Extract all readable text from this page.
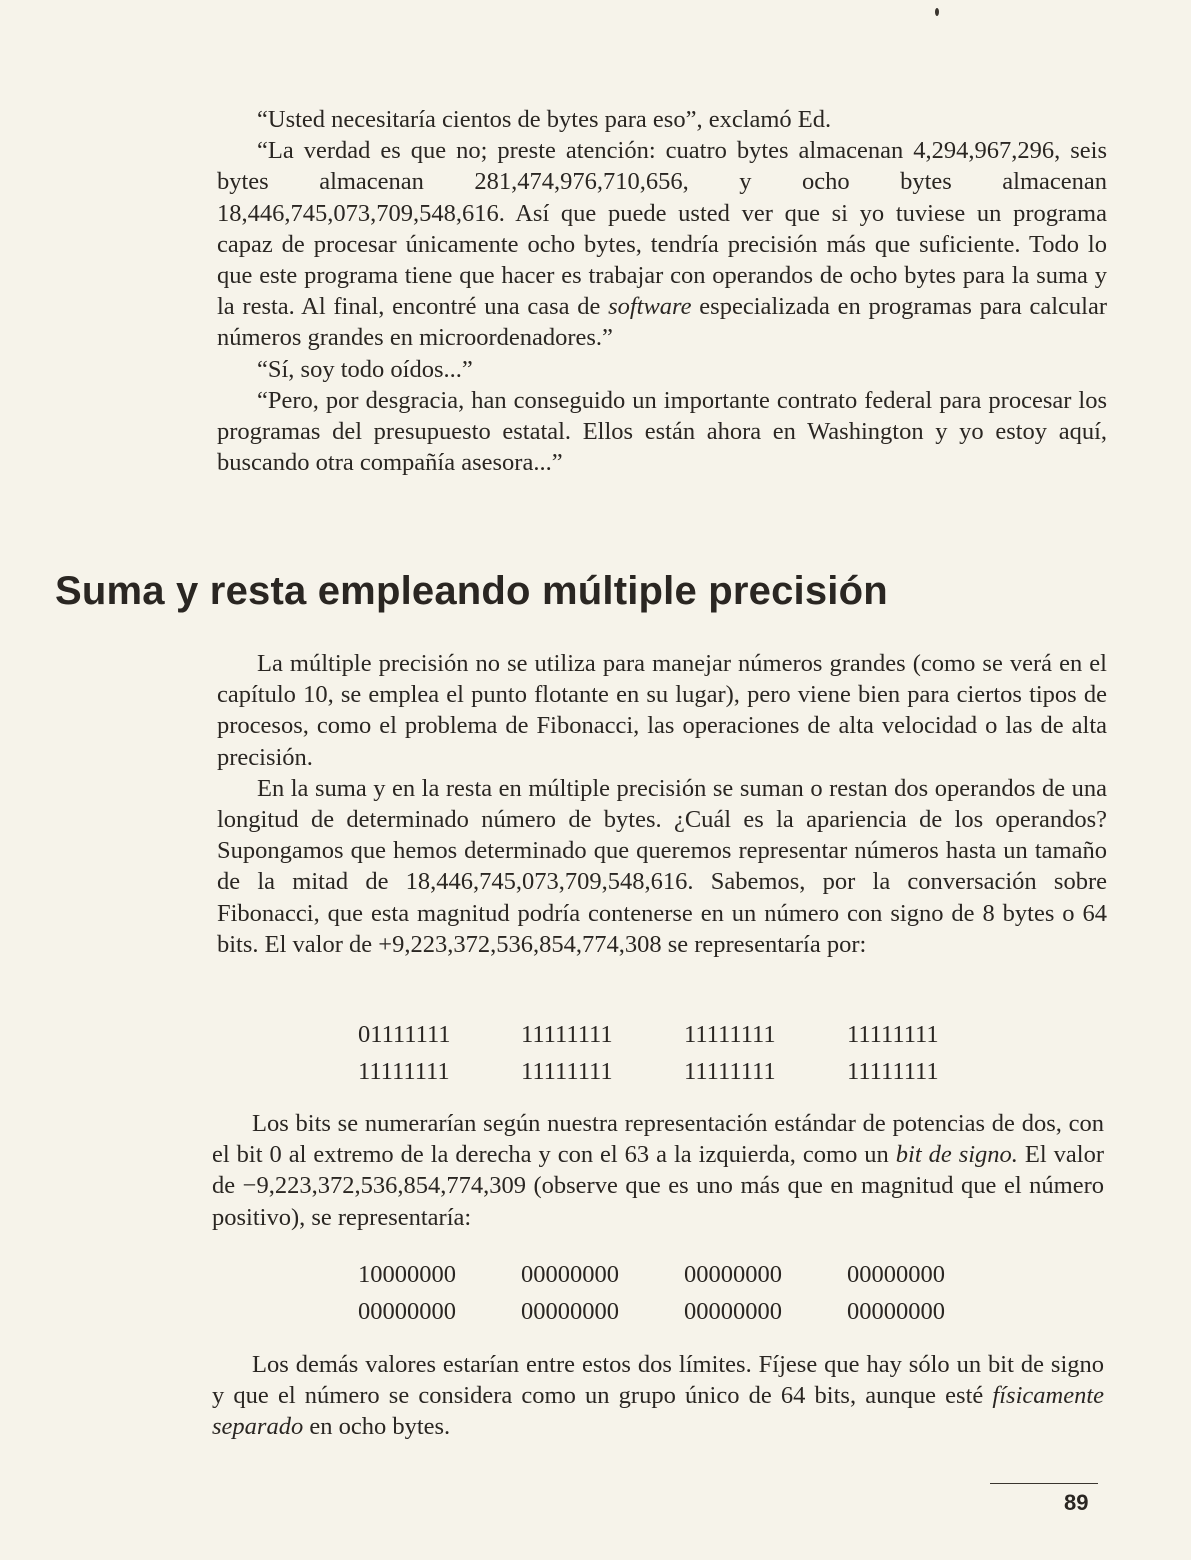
“Usted necesitaría cientos de bytes para eso”, exclamó Ed.

“La verdad es que no; preste atención: cuatro bytes almacenan 4,294,967,296, seis bytes almacenan 281,474,976,710,656, y ocho bytes almacenan 18,446,745,073,709,548,616. Así que puede usted ver que si yo tuviese un programa capaz de procesar únicamente ocho bytes, tendría precisión más que suficiente. Todo lo que este programa tiene que hacer es trabajar con operandos de ocho bytes para la suma y la resta. Al final, encontré una casa de software especializada en programas para calcular números grandes en microordenadores.”

“Sí, soy todo oídos...”

“Pero, por desgracia, han conseguido un importante contrato federal para procesar los programas del presupuesto estatal. Ellos están ahora en Washington y yo estoy aquí, buscando otra compañía asesora...”

Suma y resta empleando múltiple precisión

La múltiple precisión no se utiliza para manejar números grandes (como se verá en el capítulo 10, se emplea el punto flotante en su lugar), pero viene bien para ciertos tipos de procesos, como el problema de Fibonacci, las operaciones de alta velocidad o las de alta precisión.

En la suma y en la resta en múltiple precisión se suman o restan dos operandos de una longitud de determinado número de bytes. ¿Cuál es la apariencia de los operandos? Supongamos que hemos determinado que queremos representar números hasta un tamaño de la mitad de 18,446,745,073,709,548,616. Sabemos, por la conversación sobre Fibonacci, que esta magnitud podría contenerse en un número con signo de 8 bytes o 64 bits. El valor de +9,223,372,536,854,774,308 se representaría por:

01111111	11111111	11111111	11111111
11111111	11111111	11111111	11111111

Los bits se numerarían según nuestra representación estándar de potencias de dos, con el bit 0 al extremo de la derecha y con el 63 a la izquierda, como un bit de signo. El valor de −9,223,372,536,854,774,309 (observe que es uno más que en magnitud que el número positivo), se representaría:

10000000	00000000	00000000	00000000
00000000	00000000	00000000	00000000

Los demás valores estarían entre estos dos límites. Fíjese que hay sólo un bit de signo y que el número se considera como un grupo único de 64 bits, aunque esté físicamente separado en ocho bytes.

89
